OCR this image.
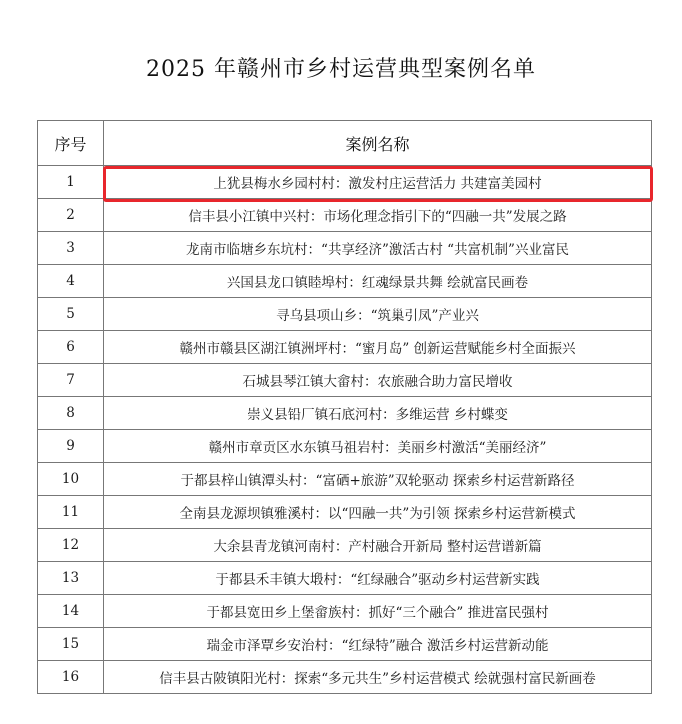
2025 年赣州市乡村运营典型案例名单
序号	案例名称
1	上犹县梅水乡园村村：激发村庄运营活力 共建富美园村
2	信丰县小江镇中兴村：市场化理念指引下的“四融一共”发展之路
3	龙南市临塘乡东坑村：“共享经济”激活古村 “共富机制”兴业富民
4	兴国县龙口镇睦埠村：红魂绿景共舞 绘就富民画卷
5	寻乌县项山乡：“筑巢引凤”产业兴
6	赣州市赣县区湖江镇洲坪村：“蜜月岛” 创新运营赋能乡村全面振兴
7	石城县琴江镇大畲村：农旅融合助力富民增收
8	崇义县铅厂镇石底河村：多维运营 乡村蝶变
9	赣州市章贡区水东镇马祖岩村：美丽乡村激活“美丽经济”
10	于都县梓山镇潭头村：“富硒+旅游”双轮驱动 探索乡村运营新路径
11	全南县龙源坝镇雅溪村：以“四融一共”为引领 探索乡村运营新模式
12	大余县青龙镇河南村：产村融合开新局 整村运营谱新篇
13	于都县禾丰镇大塅村：“红绿融合”驱动乡村运营新实践
14	于都县宽田乡上堡畲族村：抓好“三个融合” 推进富民强村
15	瑞金市泽覃乡安治村：“红绿特”融合 激活乡村运营新动能
16	信丰县古陂镇阳光村：探索“多元共生”乡村运营模式 绘就强村富民新画卷
